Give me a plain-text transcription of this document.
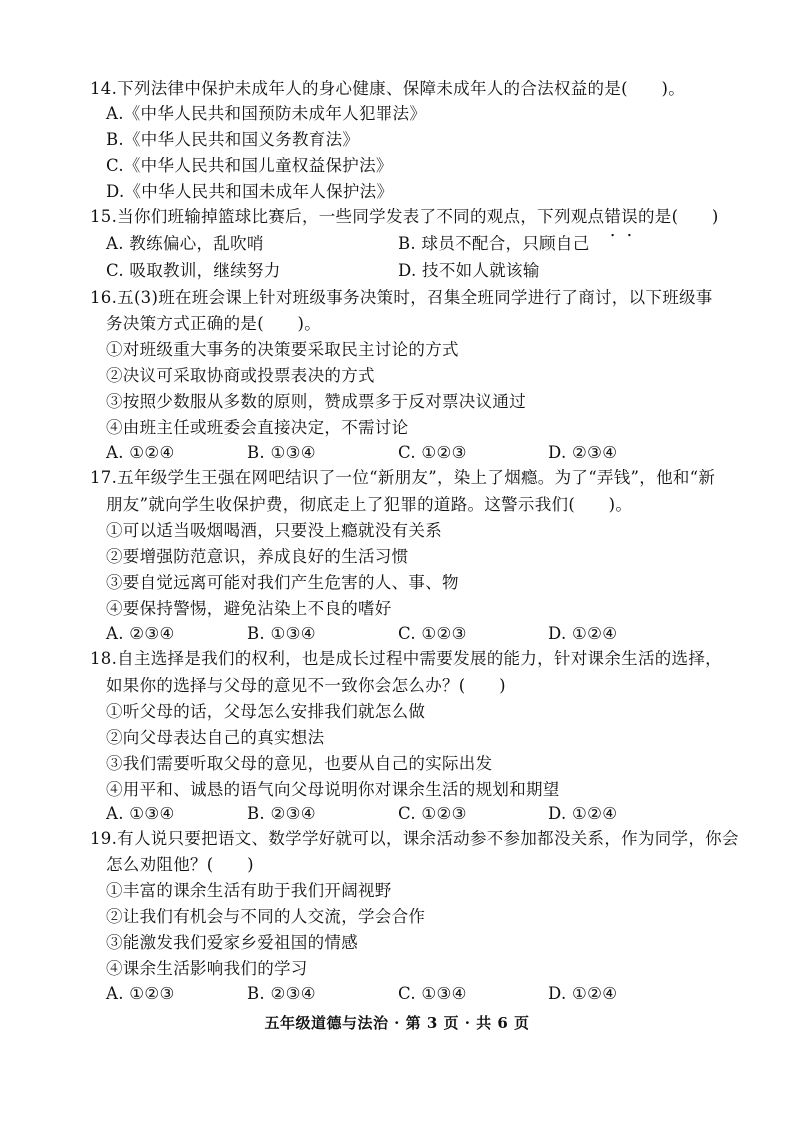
14.下列法律中保护未成年人的身心健康、保障未成年人的合法权益的是(　　)。
A.《中华人民共和国预防未成年人犯罪法》
B.《中华人民共和国义务教育法》
C.《中华人民共和国儿童权益保护法》
D.《中华人民共和国未成年人保护法》
15.当你们班输掉篮球比赛后，一些同学发表了不同的观点，下列观点错误的是(　　)
A. 教练偏心，乱吹哨	B. 球员不配合，只顾自己
C. 吸取教训，继续努力	D. 技不如人就该输
16.五(3)班在班会课上针对班级事务决策时，召集全班同学进行了商讨，以下班级事
务决策方式正确的是(　　)。
①对班级重大事务的决策要采取民主讨论的方式
②决议可采取协商或投票表决的方式
③按照少数服从多数的原则，赞成票多于反对票决议通过
④由班主任或班委会直接决定，不需讨论
A. ①②④	B. ①③④	C. ①②③	D. ②③④
17.五年级学生王强在网吧结识了一位“新朋友”，染上了烟瘾。为了“弄钱”，他和“新
朋友”就向学生收保护费，彻底走上了犯罪的道路。这警示我们(　　)。
①可以适当吸烟喝酒，只要没上瘾就没有关系
②要增强防范意识，养成良好的生活习惯
③要自觉远离可能对我们产生危害的人、事、物
④要保持警惕，避免沾染上不良的嗜好
A. ②③④	B. ①③④	C. ①②③	D. ①②④
18.自主选择是我们的权利，也是成长过程中需要发展的能力，针对课余生活的选择，
如果你的选择与父母的意见不一致你会怎么办？(　　)
①听父母的话，父母怎么安排我们就怎么做
②向父母表达自己的真实想法
③我们需要听取父母的意见，也要从自己的实际出发
④用平和、诚恳的语气向父母说明你对课余生活的规划和期望
A. ①③④	B. ②③④	C. ①②③	D. ①②④
19.有人说只要把语文、数学学好就可以，课余活动参不参加都没关系，作为同学，你会
怎么劝阻他？(　　)
①丰富的课余生活有助于我们开阔视野
②让我们有机会与不同的人交流，学会合作
③能激发我们爱家乡爱祖国的情感
④课余生活影响我们的学习
A. ①②③	B. ②③④	C. ①③④	D. ①②④
五年级道德与法治 · 第 3 页 · 共 6 页
